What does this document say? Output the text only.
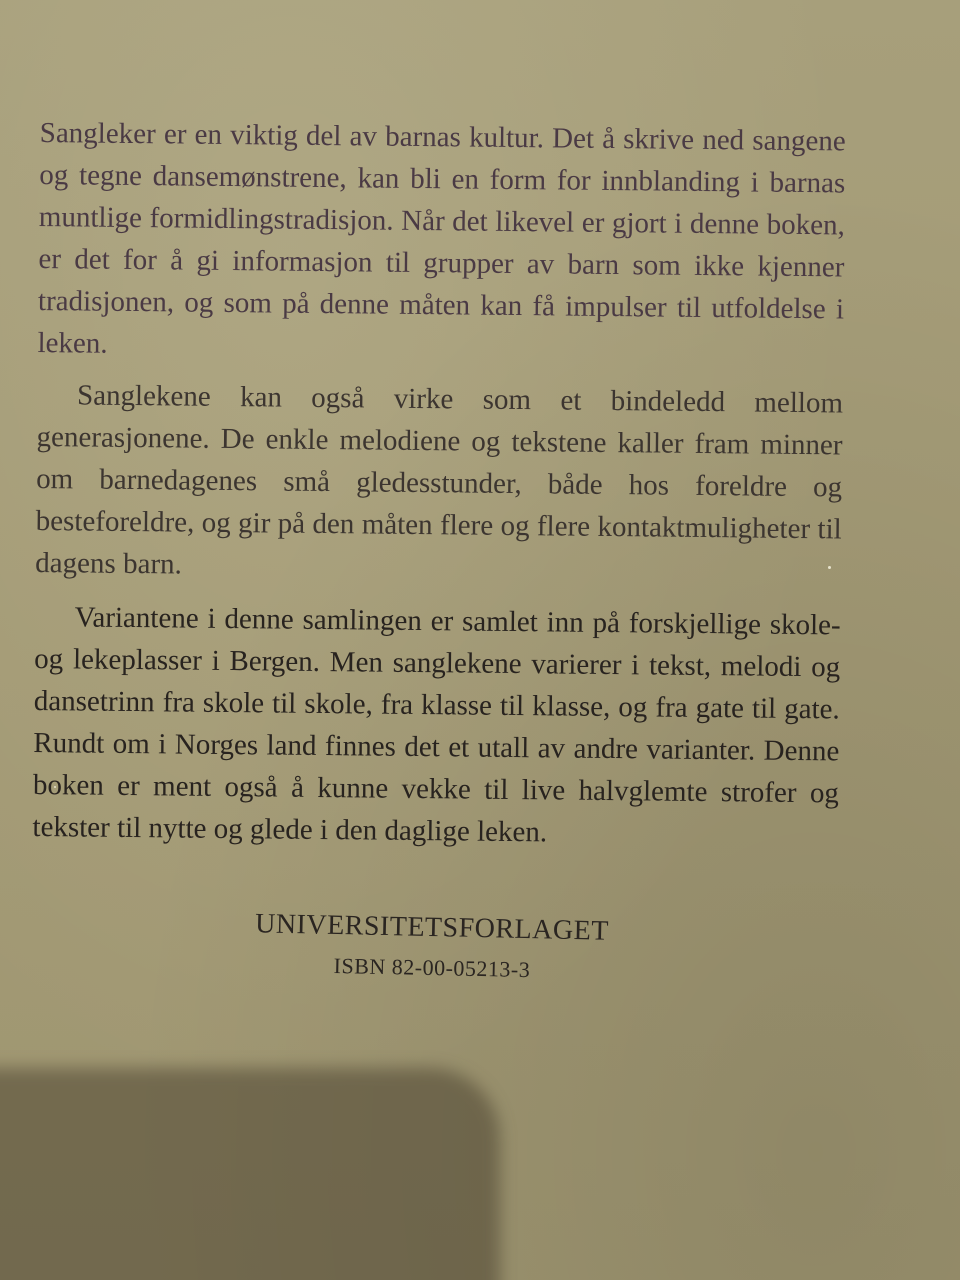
Sangleker er en viktig del av barnas kultur. Det å skrive ned sangene og tegne dansemønstrene, kan bli en form for innblanding i barnas muntlige formidlingstradisjon. Når det likevel er gjort i denne boken, er det for å gi informasjon til grupper av barn som ikke kjenner tradisjonen, og som på denne måten kan få impulser til utfoldelse i leken.

Sanglekene kan også virke som et bindeledd mellom generasjonene. De enkle melodiene og tekstene kaller fram minner om barnedagenes små gledesstunder, både hos foreldre og besteforeldre, og gir på den måten flere og flere kontaktmuligheter til dagens barn.

Variantene i denne samlingen er samlet inn på forskjellige skole- og lekeplasser i Bergen. Men sanglekene varierer i tekst, melodi og dansetrinn fra skole til skole, fra klasse til klasse, og fra gate til gate. Rundt om i Norges land finnes det et utall av andre varianter. Denne boken er ment også å kunne vekke til live halvglemte strofer og tekster til nytte og glede i den daglige leken.

UNIVERSITETSFORLAGET
ISBN 82-00-05213-3
